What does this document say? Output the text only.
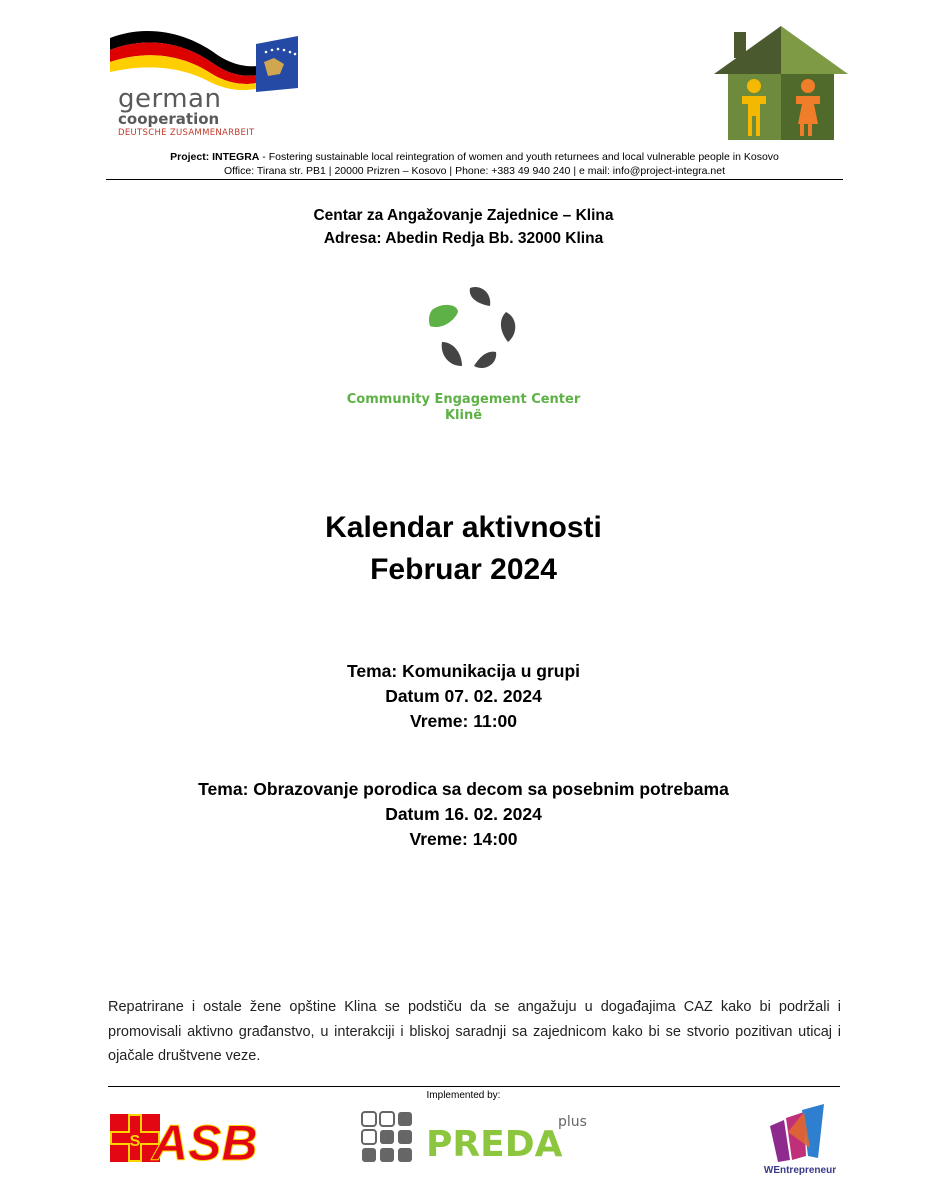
german
cooperation
DEUTSCHE ZUSAMMENARBEIT
Project: INTEGRA - Fostering sustainable local reintegration of women and youth returnees and local vulnerable people in Kosovo
Office: Tirana str. PB1 | 20000 Prizren – Kosovo | Phone: +383 49 940 240 | e mail: info@project-integra.net
Centar za Angažovanje Zajednice – Klina
Adresa: Abedin Redja Bb. 32000 Klina
Community Engagement Center
Klinë
Kalendar aktivnosti
Februar 2024
Tema: Komunikacija u grupi
Datum 07. 02. 2024
Vreme: 11:00
Tema: Obrazovanje porodica sa decom sa posebnim potrebama
Datum 16. 02. 2024
Vreme: 14:00
Repatrirane i ostale žene opštine Klina se podstiču da se angažuju u događajima CAZ kako bi podržali i promovisali aktivno građanstvo, u interakciji i bliskoj saradnji sa zajednicom kako bi se stvorio pozitivan uticaj i ojačale društvene veze.
Implemented by:
S ASB	PREDA
plus
WEntrepreneur
